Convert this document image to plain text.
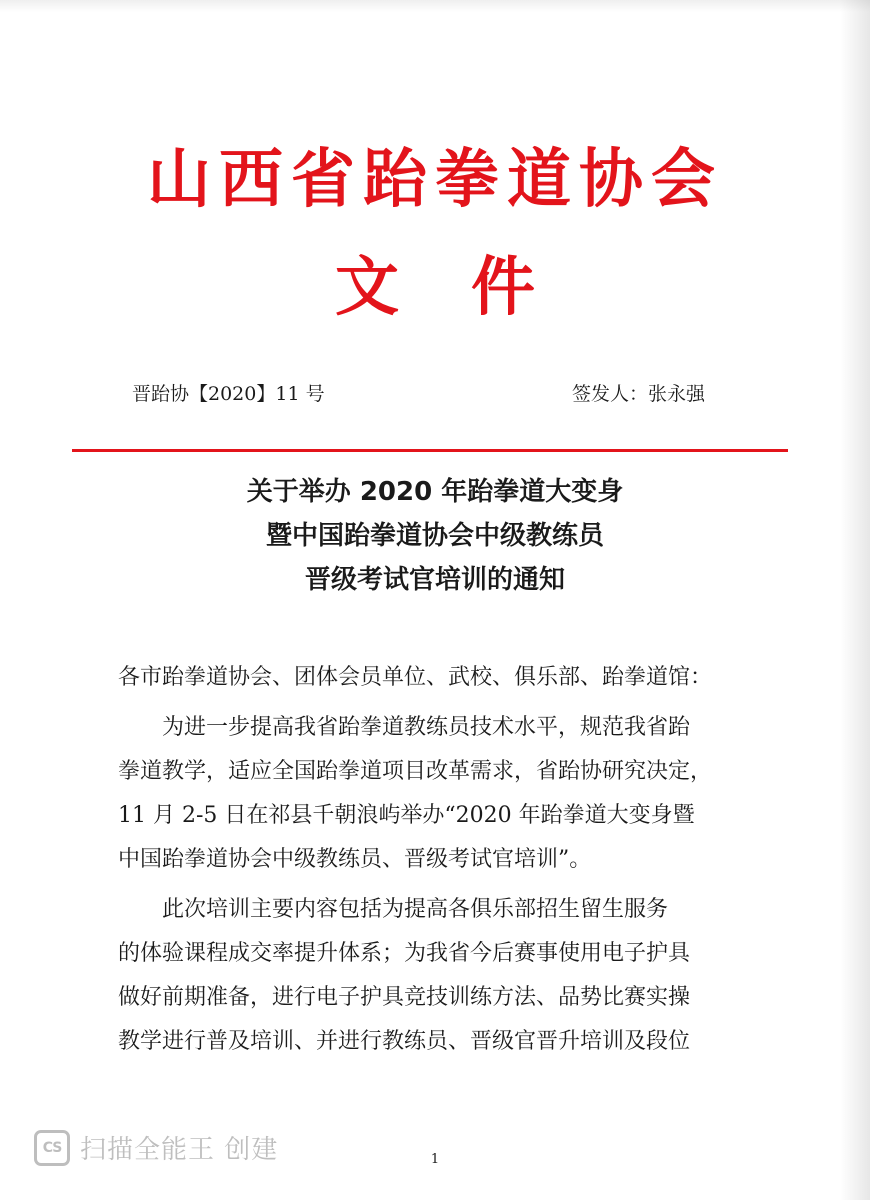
山西省跆拳道协会
文件
晋跆协【2020】11 号	签发人：张永强
关于举办 2020 年跆拳道大变身
暨中国跆拳道协会中级教练员
晋级考试官培训的通知

各市跆拳道协会、团体会员单位、武校、俱乐部、跆拳道馆：

为进一步提高我省跆拳道教练员技术水平，规范我省跆
拳道教学，适应全国跆拳道项目改革需求，省跆协研究决定，
11 月 2-5 日在祁县千朝浪屿举办“2020 年跆拳道大变身暨
中国跆拳道协会中级教练员、晋级考试官培训”。
此次培训主要内容包括为提高各俱乐部招生留生服务
的体验课程成交率提升体系；为我省今后赛事使用电子护具
做好前期准备，进行电子护具竞技训练方法、品势比赛实操
教学进行普及培训、并进行教练员、晋级官晋升培训及段位
CS 扫描全能王 创建	1
